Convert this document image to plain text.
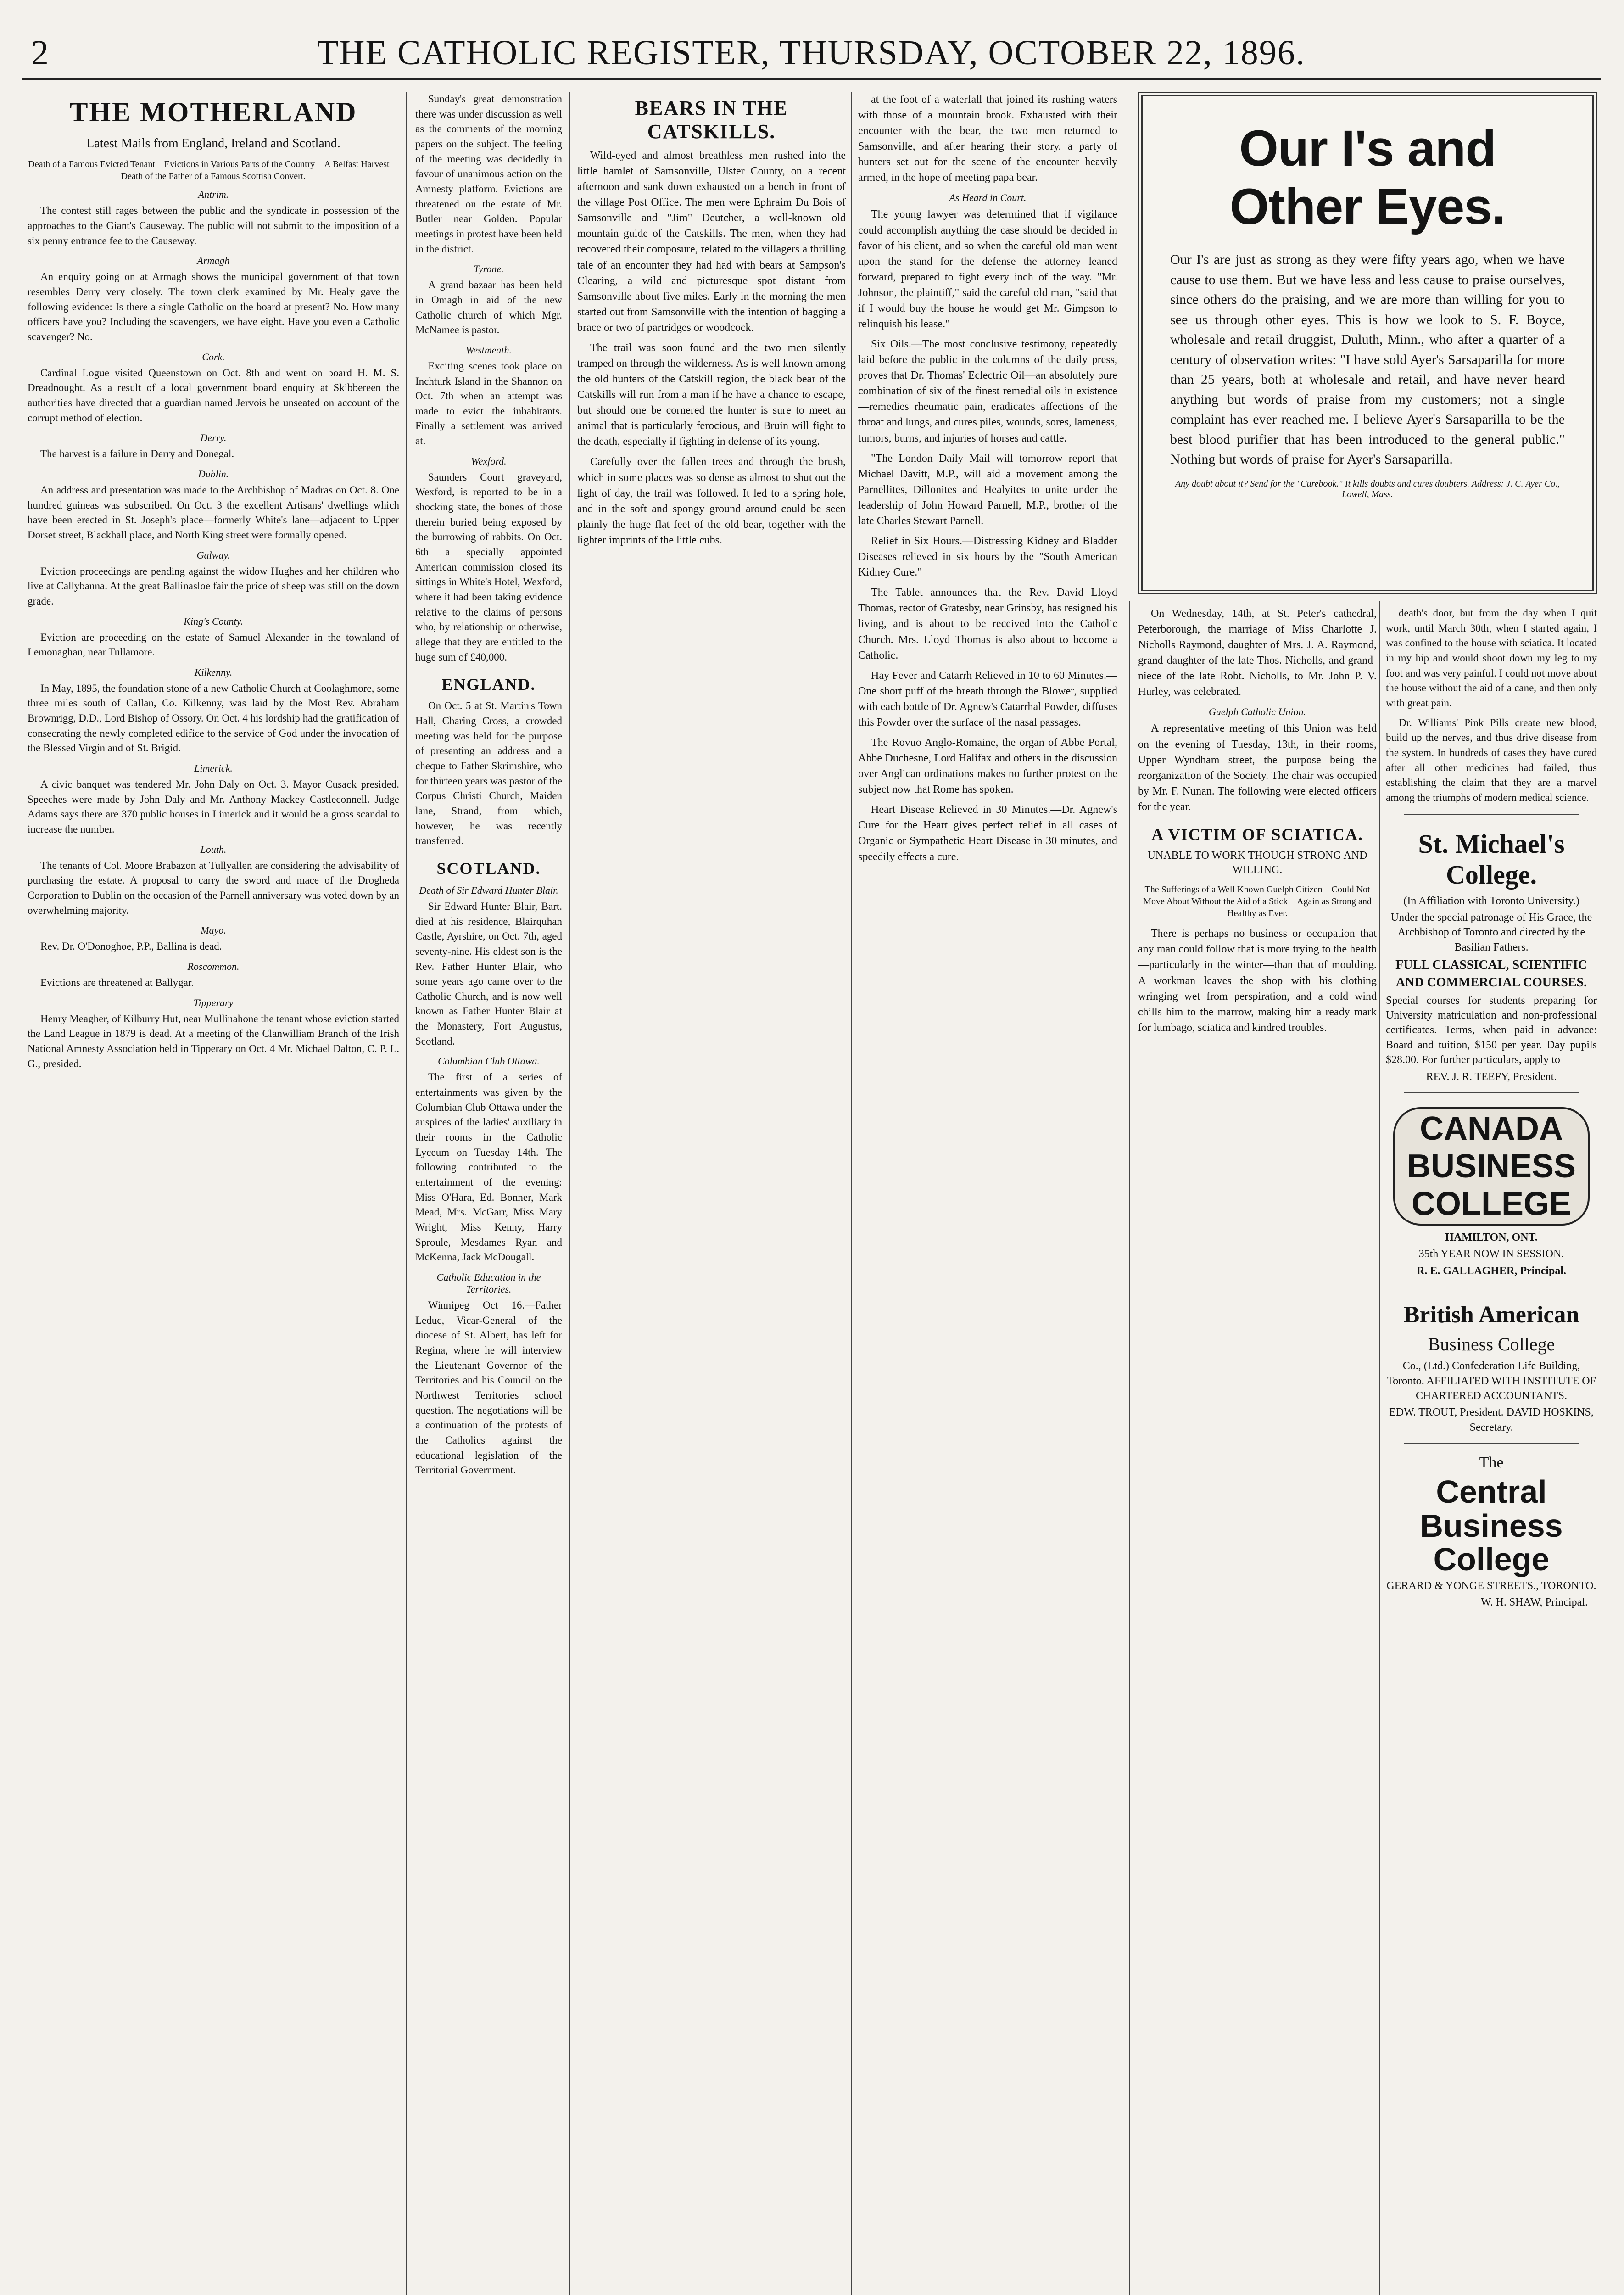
2	THE CATHOLIC REGISTER, THURSDAY, OCTOBER 22, 1896.
THE MOTHERLAND
Latest Mails from England, Ireland and Scotland.
Death of a Famous Evicted Tenant—Evictions in Various Parts of the Country—A Belfast Harvest—Death of the Father of a Famous Scottish Convert.
Antrim.

The contest still rages between the public and the syndicate in possession of the approaches to the Giant's Causeway. The public will not submit to the imposition of a six penny entrance fee to the Causeway.

Armagh

An enquiry going on at Armagh shows the municipal government of that town resembles Derry very closely. The town clerk examined by Mr. Healy gave the following evidence: Is there a single Catholic on the board at present? No. How many officers have you? Including the scavengers, we have eight. Have you even a Catholic scavenger? No.

Cork.

Cardinal Logue visited Queenstown on Oct. 8th and went on board H. M. S. Dreadnought. As a result of a local government board enquiry at Skibbereen the authorities have directed that a guardian named Jervois be unseated on account of the corrupt method of election.

Derry.

The harvest is a failure in Derry and Donegal.

Dublin.

An address and presentation was made to the Archbishop of Madras on Oct. 8. One hundred guineas was subscribed. On Oct. 3 the excellent Artisans' dwellings which have been erected in St. Joseph's place—formerly White's lane—adjacent to Upper Dorset street, Blackhall place, and North King street were formally opened.

Galway.

Eviction proceedings are pending against the widow Hughes and her children who live at Callybanna. At the great Ballinasloe fair the price of sheep was still on the down grade.

King's County.

Eviction are proceeding on the estate of Samuel Alexander in the townland of Lemonaghan, near Tullamore.

Kilkenny.

In May, 1895, the foundation stone of a new Catholic Church at Coolaghmore, some three miles south of Callan, Co. Kilkenny, was laid by the Most Rev. Abraham Brownrigg, D.D., Lord Bishop of Ossory. On Oct. 4 his lordship had the gratification of consecrating the newly completed edifice to the service of God under the invocation of the Blessed Virgin and of St. Brigid.

Limerick.

A civic banquet was tendered Mr. John Daly on Oct. 3. Mayor Cusack presided. Speeches were made by John Daly and Mr. Anthony Mackey Castleconnell. Judge Adams says there are 370 public houses in Limerick and it would be a gross scandal to increase the number.

Louth.

The tenants of Col. Moore Brabazon at Tullyallen are considering the advisability of purchasing the estate. A proposal to carry the sword and mace of the Drogheda Corporation to Dublin on the occasion of the Parnell anniversary was voted down by an overwhelming majority.

Mayo.

Rev. Dr. O'Donoghoe, P.P., Ballina is dead.

Roscommon.

Evictions are threatened at Ballygar.

Tipperary

Henry Meagher, of Kilburry Hut, near Mullinahone the tenant whose eviction started the Land League in 1879 is dead. At a meeting of the Clanwilliam Branch of the Irish National Amnesty Association held in Tipperary on Oct. 4 Mr. Michael Dalton, C. P. L. G., presided.

Sunday's great demonstration there was under discussion as well as the comments of the morning papers on the subject. The feeling of the meeting was decidedly in favour of unanimous action on the Amnesty platform. Evictions are threatened on the estate of Mr. Butler near Golden. Popular meetings in protest have been held in the district.

Tyrone.

A grand bazaar has been held in Omagh in aid of the new Catholic church of which Mgr. McNamee is pastor.

Westmeath.

Exciting scenes took place on Inchturk Island in the Shannon on Oct. 7th when an attempt was made to evict the inhabitants. Finally a settlement was arrived at.

Wexford.

Saunders Court graveyard, Wexford, is reported to be in a shocking state, the bones of those therein buried being exposed by the burrowing of rabbits. On Oct. 6th a specially appointed American commission closed its sittings in White's Hotel, Wexford, where it had been taking evidence relative to the claims of persons who, by relationship or otherwise, allege that they are entitled to the huge sum of £40,000.

ENGLAND.

On Oct. 5 at St. Martin's Town Hall, Charing Cross, a crowded meeting was held for the purpose of presenting an address and a cheque to Father Skrimshire, who for thirteen years was pastor of the Corpus Christi Church, Maiden lane, Strand, from which, however, he was recently transferred.

SCOTLAND.
Death of Sir Edward Hunter Blair.

Sir Edward Hunter Blair, Bart. died at his residence, Blairquhan Castle, Ayrshire, on Oct. 7th, aged seventy-nine. His eldest son is the Rev. Father Hunter Blair, who some years ago came over to the Catholic Church, and is now well known as Father Hunter Blair at the Monastery, Fort Augustus, Scotland.

Columbian Club Ottawa.

The first of a series of entertainments was given by the Columbian Club Ottawa under the auspices of the ladies' auxiliary in their rooms in the Catholic Lyceum on Tuesday 14th. The following contributed to the entertainment of the evening: Miss O'Hara, Ed. Bonner, Mark Mead, Mrs. McGarr, Miss Mary Wright, Miss Kenny, Harry Sproule, Mesdames Ryan and McKenna, Jack McDougall.

Catholic Education in the Territories.

Winnipeg Oct 16.—Father Leduc, Vicar-General of the diocese of St. Albert, has left for Regina, where he will interview the Lieutenant Governor of the Territories and his Council on the Northwest Territories school question. The negotiations will be a continuation of the protests of the Catholics against the educational legislation of the Territorial Government.

BEARS IN THE CATSKILLS.

Wild-eyed and almost breathless men rushed into the little hamlet of Samsonville, Ulster County, on a recent afternoon and sank down exhausted on a bench in front of the village Post Office. The men were Ephraim Du Bois of Samsonville and "Jim" Deutcher, a well-known old mountain guide of the Catskills. The men, when they had recovered their composure, related to the villagers a thrilling tale of an encounter they had had with bears at Sampson's Clearing, a wild and picturesque spot distant from Samsonville about five miles. Early in the morning the men started out from Samsonville with the intention of bagging a brace or two of partridges or woodcock.

The trail was soon found and the two men silently tramped on through the wilderness. As is well known among the old hunters of the Catskill region, the black bear of the Catskills will run from a man if he have a chance to escape, but should one be cornered the hunter is sure to meet an animal that is particularly ferocious, and Bruin will fight to the death, especially if fighting in defense of its young.

Carefully over the fallen trees and through the brush, which in some places was so dense as almost to shut out the light of day, the trail was followed. It led to a spring hole, and in the soft and spongy ground around could be seen plainly the huge flat feet of the old bear, together with the lighter imprints of the little cubs.

at the foot of a waterfall that joined its rushing waters with those of a mountain brook. Exhausted with their encounter with the bear, the two men returned to Samsonville, and after hearing their story, a party of hunters set out for the scene of the encounter heavily armed, in the hope of meeting papa bear.

As Heard in Court.

The young lawyer was determined that if vigilance could accomplish anything the case should be decided in favor of his client, and so when the careful old man went upon the stand for the defense the attorney leaned forward, prepared to fight every inch of the way. "Mr. Johnson, the plaintiff," said the careful old man, "said that if I would buy the house he would get Mr. Gimpson to relinquish his lease."

Six Oils.—The most conclusive testimony, repeatedly laid before the public in the columns of the daily press, proves that Dr. Thomas' Eclectric Oil—an absolutely pure combination of six of the finest remedial oils in existence—remedies rheumatic pain, eradicates affections of the throat and lungs, and cures piles, wounds, sores, lameness, tumors, burns, and injuries of horses and cattle.

"The London Daily Mail will tomorrow report that Michael Davitt, M.P., will aid a movement among the Parnellites, Dillonites and Healyites to unite under the leadership of John Howard Parnell, M.P., brother of the late Charles Stewart Parnell.

Relief in Six Hours.—Distressing Kidney and Bladder Diseases relieved in six hours by the "South American Kidney Cure."

The Tablet announces that the Rev. David Lloyd Thomas, rector of Gratesby, near Grinsby, has resigned his living, and is about to be received into the Catholic Church. Mrs. Lloyd Thomas is also about to become a Catholic.

Hay Fever and Catarrh Relieved in 10 to 60 Minutes.—One short puff of the breath through the Blower, supplied with each bottle of Dr. Agnew's Catarrhal Powder, diffuses this Powder over the surface of the nasal passages.

The Rovuo Anglo-Romaine, the organ of Abbe Portal, Abbe Duchesne, Lord Halifax and others in the discussion over Anglican ordinations makes no further protest on the subject now that Rome has spoken.

Heart Disease Relieved in 30 Minutes.—Dr. Agnew's Cure for the Heart gives perfect relief in all cases of Organic or Sympathetic Heart Disease in 30 minutes, and speedily effects a cure.

Our I's and Other Eyes.
Our I's are just as strong as they were fifty years ago, when we have cause to use them. But we have less and less cause to praise ourselves, since others do the praising, and we are more than willing for you to see us through other eyes. This is how we look to S. F. Boyce, wholesale and retail druggist, Duluth, Minn., who after a quarter of a century of observation writes: "I have sold Ayer's Sarsaparilla for more than 25 years, both at wholesale and retail, and have never heard anything but words of praise from my customers; not a single complaint has ever reached me. I believe Ayer's Sarsaparilla to be the best blood purifier that has been introduced to the general public." Nothing but words of praise for Ayer's Sarsaparilla.
Any doubt about it? Send for the "Curebook." It kills doubts and cures doubters. Address: J. C. Ayer Co., Lowell, Mass.

On Wednesday, 14th, at St. Peter's cathedral, Peterborough, the marriage of Miss Charlotte J. Nicholls Raymond, daughter of Mrs. J. A. Raymond, grand-daughter of the late Thos. Nicholls, and grand-niece of the late Robt. Nicholls, to Mr. John P. V. Hurley, was celebrated.

Guelph Catholic Union.

A representative meeting of this Union was held on the evening of Tuesday, 13th, in their rooms, Upper Wyndham street, the purpose being the reorganization of the Society. The chair was occupied by Mr. F. Nunan. The following were elected officers for the year.

A VICTIM OF SCIATICA.
UNABLE TO WORK THOUGH STRONG AND WILLING.
The Sufferings of a Well Known Guelph Citizen—Could Not Move About Without the Aid of a Stick—Again as Strong and Healthy as Ever.

There is perhaps no business or occupation that any man could follow that is more trying to the health—particularly in the winter—than that of moulding. A workman leaves the shop with his clothing wringing wet from perspiration, and a cold wind chills him to the marrow, making him a ready mark for lumbago, sciatica and kindred troubles.

death's door, but from the day when I quit work, until March 30th, when I started again, I was confined to the house with sciatica. It located in my hip and would shoot down my leg to my foot and was very painful. I could not move about the house without the aid of a cane, and then only with great pain.

Dr. Williams' Pink Pills create new blood, build up the nerves, and thus drive disease from the system. In hundreds of cases they have cured after all other medicines had failed, thus establishing the claim that they are a marvel among the triumphs of modern medical science.

St. Michael's College.
(In Affiliation with Toronto University.)
Under the special patronage of His Grace, the Archbishop of Toronto and directed by the Basilian Fathers.
FULL CLASSICAL, SCIENTIFIC AND COMMERCIAL COURSES.
Special courses for students preparing for University matriculation and non-professional certificates. Terms, when paid in advance: Board and tuition, $150 per year. Day pupils $28.00. For further particulars, apply to
REV. J. R. TEEFY, President.
CANADA BUSINESS COLLEGE
HAMILTON, ONT.
35th YEAR NOW IN SESSION.
R. E. GALLAGHER, Principal.
British American
Business College
Co., (Ltd.) Confederation Life Building, Toronto. AFFILIATED WITH INSTITUTE OF CHARTERED ACCOUNTANTS.
EDW. TROUT, President. DAVID HOSKINS, Secretary.
The
Central Business College
GERARD & YONGE STREETS., TORONTO.
W. H. SHAW, Principal.
